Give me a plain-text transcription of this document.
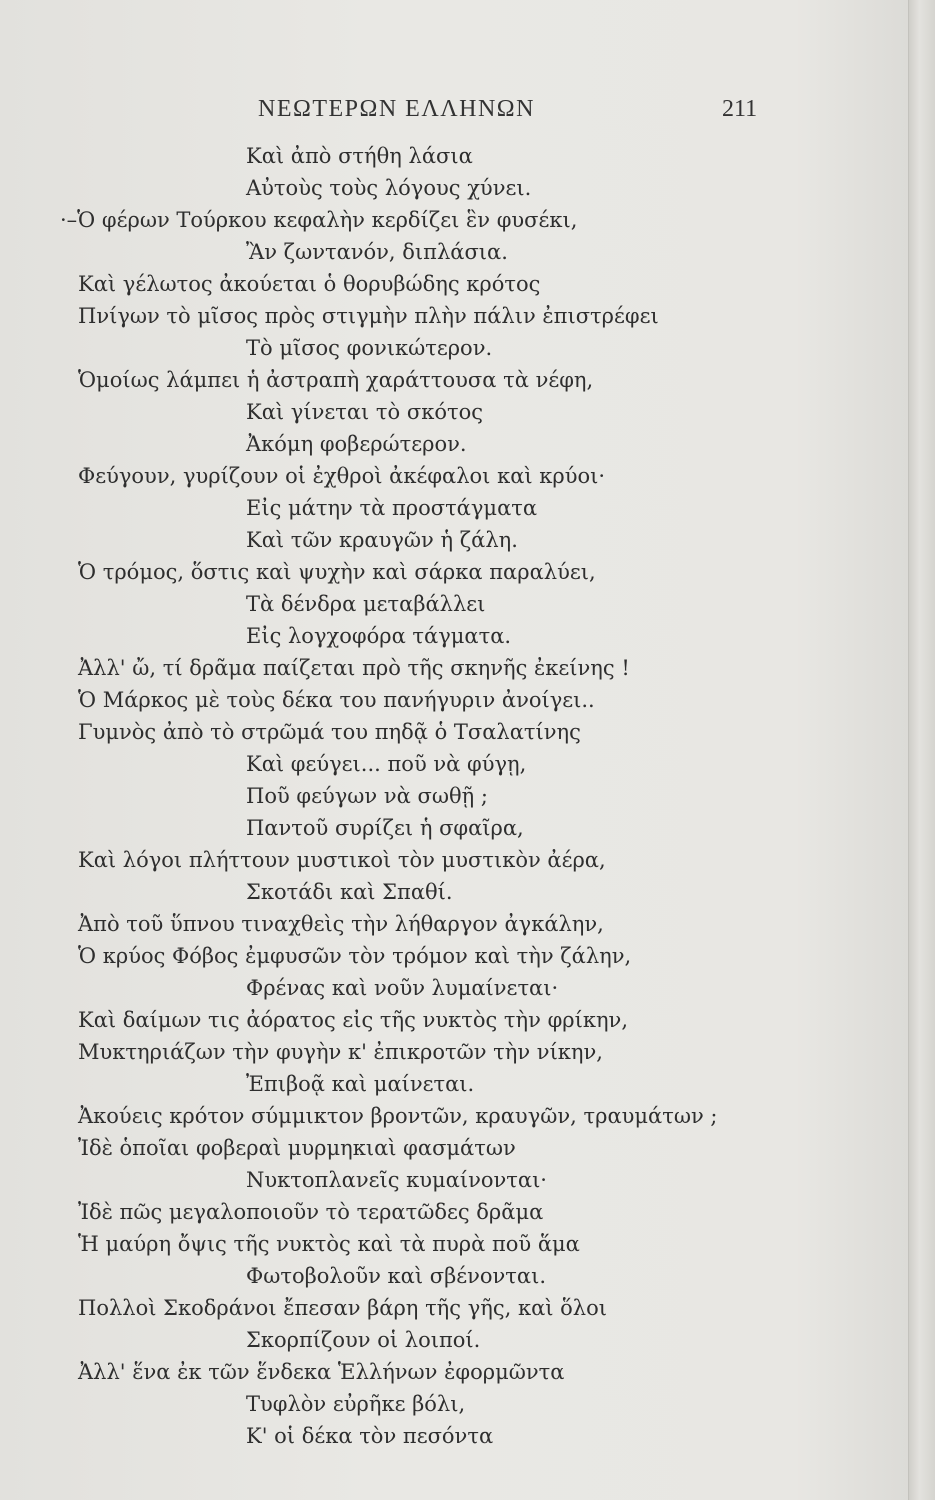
ΝΕΩΤΕΡΩΝ ΕΛΛΗΝΩΝ	211
Καὶ ἀπὸ στήθη λάσια
Αὐτοὺς τοὺς λόγους χύνει.
·–Ὁ φέρων Τούρκου κεφαλὴν κερδίζει ἓν φυσέκι,
Ἂν ζωντανόν, διπλάσια.
Καὶ γέλωτος ἀκούεται ὁ θορυβώδης κρότος
Πνίγων τὸ μῖσος πρὸς στιγμὴν πλὴν πάλιν ἐπιστρέφει
Τὸ μῖσος φονικώτερον.
Ὁμοίως λάμπει ἡ ἀστραπὴ χαράττουσα τὰ νέφη,
Καὶ γίνεται τὸ σκότος
Ἀκόμη φοβερώτερον.
Φεύγουν, γυρίζουν οἱ ἐχθροὶ ἀκέφαλοι καὶ κρύοι·
Εἰς μάτην τὰ προστάγματα
Καὶ τῶν κραυγῶν ἡ ζάλη.
Ὁ τρόμος, ὅστις καὶ ψυχὴν καὶ σάρκα παραλύει,
Τὰ δένδρα μεταβάλλει
Εἰς λογχοφόρα τάγματα.
Ἀλλ' ὤ, τί δρᾶμα παίζεται πρὸ τῆς σκηνῆς ἐκείνης !
Ὁ Μάρκος μὲ τοὺς δέκα του πανήγυριν ἀνοίγει..
Γυμνὸς ἀπὸ τὸ στρῶμά του πηδᾷ ὁ Τσαλατίνης
Καὶ φεύγει... ποῦ νὰ φύγῃ,
Ποῦ φεύγων νὰ σωθῇ ;
Παντοῦ συρίζει ἡ σφαῖρα,
Καὶ λόγοι πλήττουν μυστικοὶ τὸν μυστικὸν ἀέρα,
Σκοτάδι καὶ Σπαθί.
Ἀπὸ τοῦ ὕπνου τιναχθεὶς τὴν λήθαργον ἀγκάλην,
Ὁ κρύος Φόβος ἐμφυσῶν τὸν τρόμον καὶ τὴν ζάλην,
Φρένας καὶ νοῦν λυμαίνεται·
Καὶ δαίμων τις ἀόρατος εἰς τῆς νυκτὸς τὴν φρίκην,
Μυκτηριάζων τὴν φυγὴν κ' ἐπικροτῶν τὴν νίκην,
Ἐπιβοᾷ καὶ μαίνεται.
Ἀκούεις κρότον σύμμικτον βροντῶν, κραυγῶν, τραυμάτων ;
Ἰδὲ ὁποῖαι φοβεραὶ μυρμηκιαὶ φασμάτων
Νυκτοπλανεῖς κυμαίνονται·
Ἰδὲ πῶς μεγαλοποιοῦν τὸ τερατῶδες δρᾶμα
Ἡ μαύρη ὄψις τῆς νυκτὸς καὶ τὰ πυρὰ ποῦ ἅμα
Φωτοβολοῦν καὶ σβένονται.
Πολλοὶ Σκοδράνοι ἔπεσαν βάρη τῆς γῆς, καὶ ὅλοι
Σκορπίζουν οἱ λοιποί.
Ἀλλ' ἕνα ἐκ τῶν ἕνδεκα Ἑλλήνων ἐφορμῶντα
Τυφλὸν εὐρῆκε βόλι,
Κ' οἱ δέκα τὸν πεσόντα
